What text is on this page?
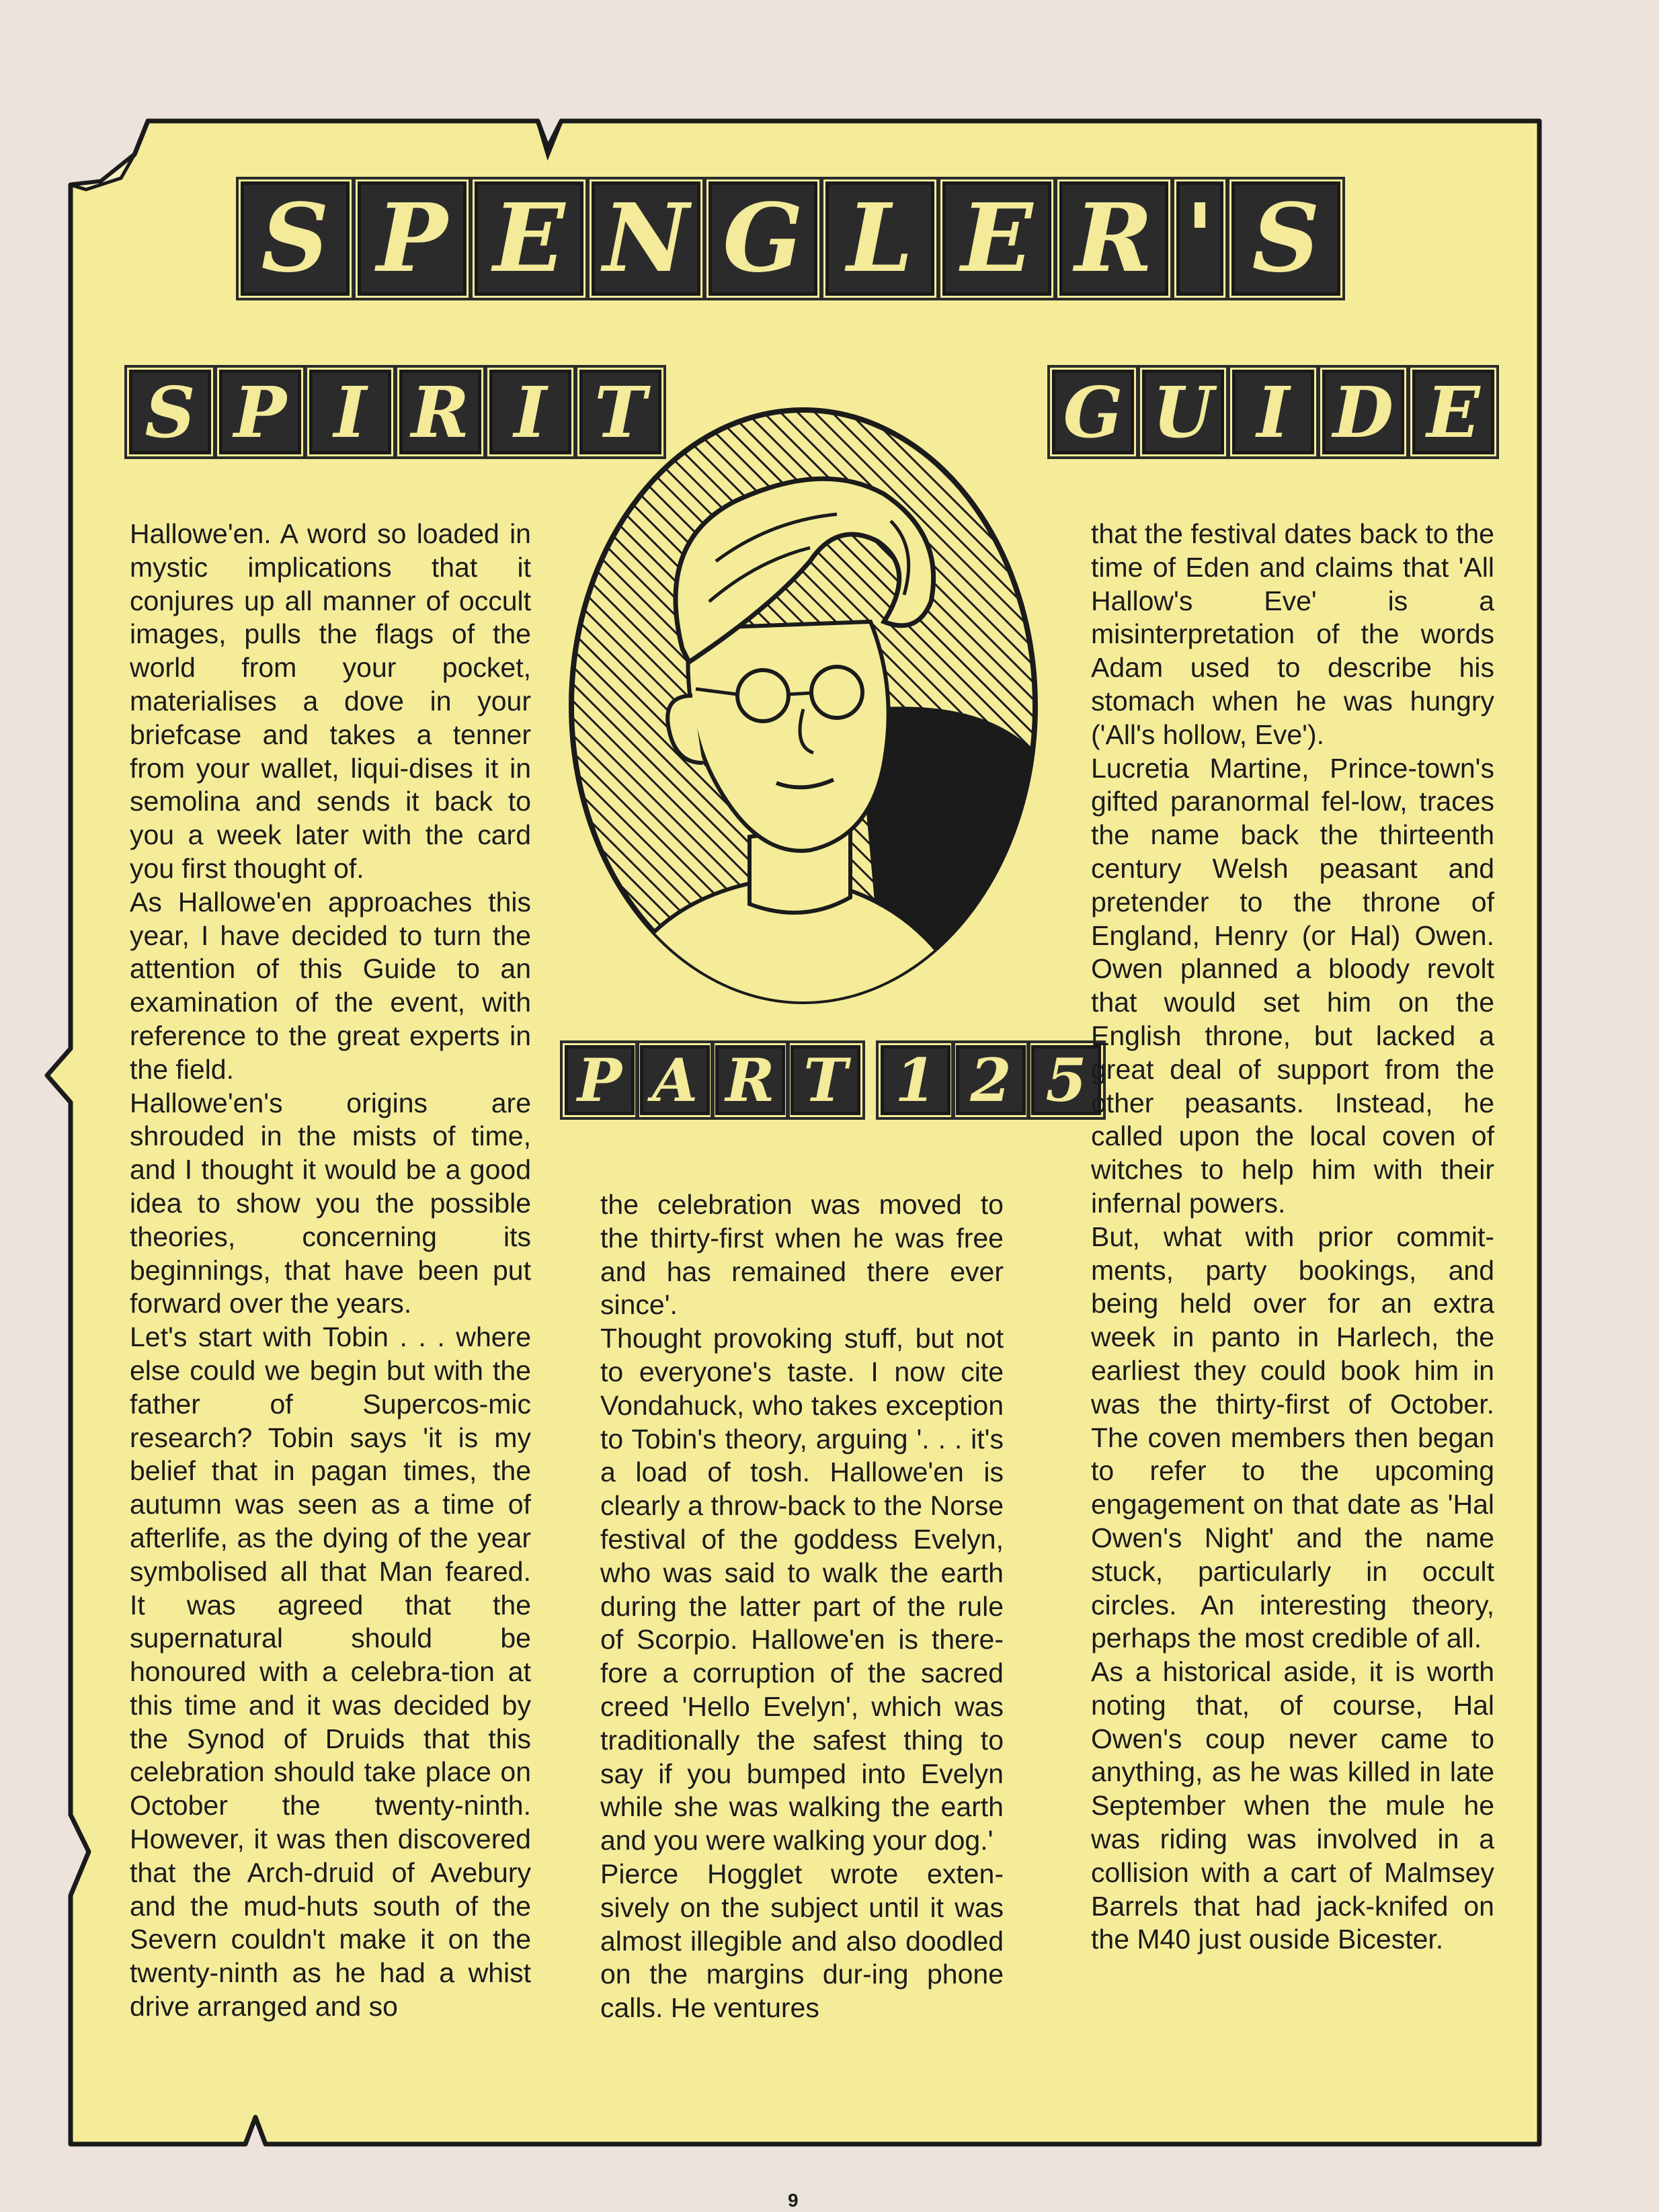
S P E N G L E R ' S
S P I R I T	G U I D E
P A R T 1 2 5

Hallowe'en. A word so loaded in mystic implications that it conjures up all manner of occult images, pulls the flags of the world from your pocket, materialises a dove in your briefcase and takes a tenner from your wallet, liqui-dises it in semolina and sends it back to you a week later with the card you first thought of.

As Hallowe'en approaches this year, I have decided to turn the attention of this Guide to an examination of the event, with reference to the great experts in the field.

Hallowe'en's origins are shrouded in the mists of time, and I thought it would be a good idea to show you the possible theories, concerning its beginnings, that have been put forward over the years.

Let's start with Tobin . . . where else could we begin but with the father of Supercos-mic research? Tobin says 'it is my belief that in pagan times, the autumn was seen as a time of afterlife, as the dying of the year symbolised all that Man feared. It was agreed that the supernatural should be honoured with a celebra-tion at this time and it was decided by the Synod of Druids that this celebration should take place on October the twenty-ninth. However, it was then discovered that the Arch-druid of Avebury and the mud-huts south of the Severn couldn't make it on the twenty-ninth as he had a whist drive arranged and so

the celebration was moved to the thirty-first when he was free and has remained there ever since'.

Thought provoking stuff, but not to everyone's taste. I now cite Vondahuck, who takes exception to Tobin's theory, arguing '. . . it's a load of tosh. Hallowe'en is clearly a throw-back to the Norse festival of the goddess Evelyn, who was said to walk the earth during the latter part of the rule of Scorpio. Hallowe'en is there-fore a corruption of the sacred creed 'Hello Evelyn', which was traditionally the safest thing to say if you bumped into Evelyn while she was walking the earth and you were walking your dog.'

Pierce Hogglet wrote exten-sively on the subject until it was almost illegible and also doodled on the margins dur-ing phone calls. He ventures

that the festival dates back to the time of Eden and claims that 'All Hallow's Eve' is a misinterpretation of the words Adam used to describe his stomach when he was hungry ('All's hollow, Eve').

Lucretia Martine, Prince-town's gifted paranormal fel-low, traces the name back the thirteenth century Welsh peasant and pretender to the throne of England, Henry (or Hal) Owen. Owen planned a bloody revolt that would set him on the English throne, but lacked a great deal of support from the other peasants. Instead, he called upon the local coven of witches to help him with their infernal powers.

But, what with prior commit-ments, party bookings, and being held over for an extra week in panto in Harlech, the earliest they could book him in was the thirty-first of October. The coven members then began to refer to the upcoming engagement on that date as 'Hal Owen's Night' and the name stuck, particularly in occult circles. An interesting theory, perhaps the most credible of all.

As a historical aside, it is worth noting that, of course, Hal Owen's coup never came to anything, as he was killed in late September when the mule he was riding was involved in a collision with a cart of Malmsey Barrels that had jack-knifed on the M40 just ouside Bicester.

9
